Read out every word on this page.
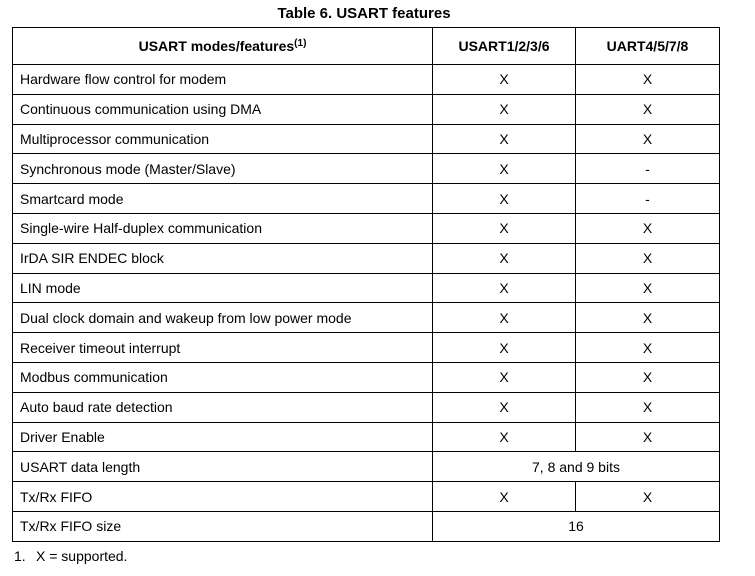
Table 6. USART features
USART modes/features$^{(1)}$	USART1/2/3/6	UART4/5/7/8
Hardware flow control for modem	X	X
Continuous communication using DMA	X	X
Multiprocessor communication	X	X
Synchronous mode (Master/Slave)	X	-
Smartcard mode	X	-
Single-wire Half-duplex communication	X	X
IrDA SIR ENDEC block	X	X
LIN mode	X	X
Dual clock domain and wakeup from low power mode	X	X
Receiver timeout interrupt	X	X
Modbus communication	X	X
Auto baud rate detection	X	X
Driver Enable	X	X
USART data length	7, 8 and 9 bits	
Tx/Rx FIFO	X	X
Tx/Rx FIFO size	16	
1. X = supported.
